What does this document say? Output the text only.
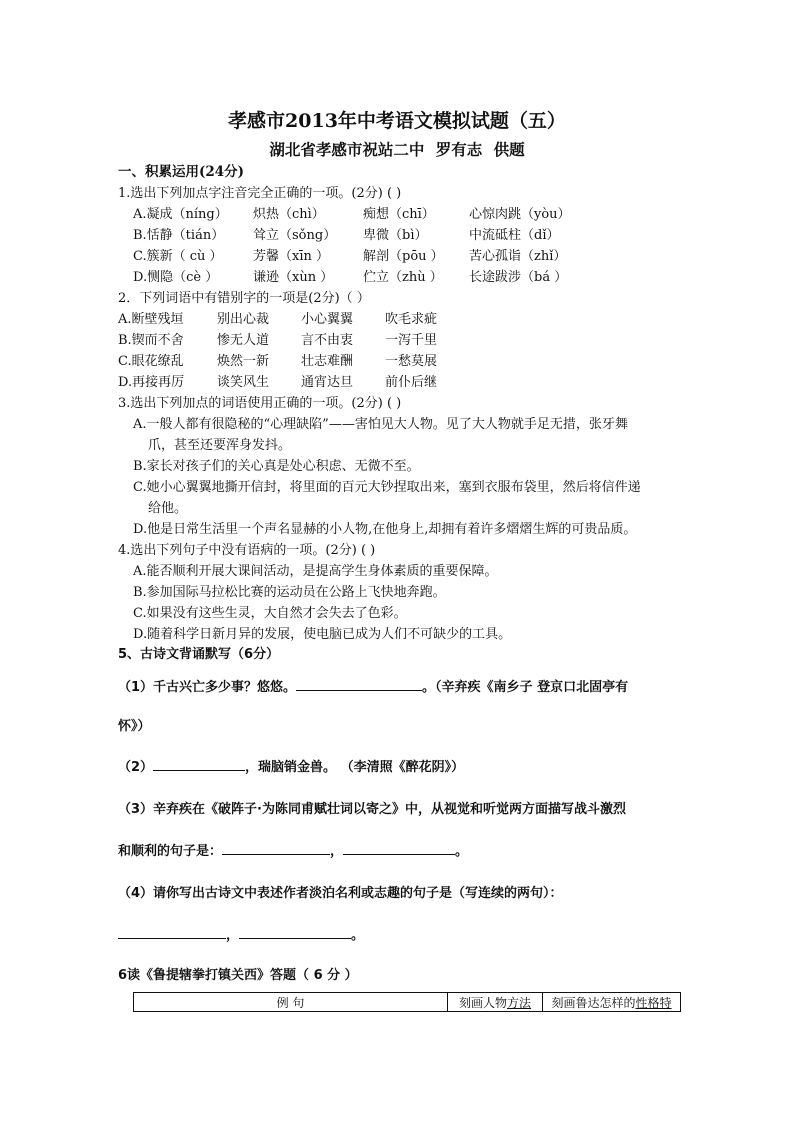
孝感市2013年中考语文模拟试题（五）
湖北省孝感市祝站二中 罗有志 供题
一、积累运用(24分)
1.选出下列加点字注音完全正确的一项。(2分) ( )
A.凝成（níng） 炽热（chì）	痴想（chī）	心惊肉跳（yòu）
B.恬静（tián） 耸立（sǒng） 卑微（bì）	中流砥柱（dǐ）
C.簇新（ cù ） 芳馨（xīn ）	解剖（pōu ） 苦心孤诣（zhǐ）
D.恻隐（cè ）	谦逊（xùn ） 伫立（zhù ） 长途跋涉（bá ）
2．下列词语中有错别字的一项是(2分)（ ）
A.断壁残垣	别出心裁 小心翼翼 吹毛求疵
B.锲而不舍	惨无人道 言不由衷 一泻千里
C.眼花缭乱	焕然一新 壮志难酬 一愁莫展
D.再接再厉	谈笑风生 通宵达旦 前仆后继
3.选出下列加点的词语使用正确的一项。(2分) ( )
A.一般人都有很隐秘的“心理缺陷”——害怕见大人物。见了大人物就手足无措，张牙舞
爪，甚至还要浑身发抖。
B.家长对孩子们的关心真是处心积虑、无微不至。
C.她小心翼翼地撕开信封，将里面的百元大钞捏取出来，塞到衣服布袋里，然后将信件递
给他。
D.他是日常生活里一个声名显赫的小人物,在他身上,却拥有着许多熠熠生辉的可贵品质。
4.选出下列句子中没有语病的一项。(2分) ( )
A.能否顺利开展大课间活动，是提高学生身体素质的重要保障。
B.参加国际马拉松比赛的运动员在公路上飞快地奔跑。
C.如果没有这些生灵，大自然才会失去了色彩。
D.随着科学日新月异的发展，使电脑已成为人们不可缺少的工具。
5、古诗文背诵默写（6分）
（1）千古兴亡多少事？悠悠。	。（辛弃疾《南乡子 登京口北固亭有
怀》）
（2）	，瑞脑销金兽。 （李清照《醉花阴》）
（3）辛弃疾在《破阵子·为陈同甫赋壮词以寄之》中，从视觉和听觉两方面描写战斗激烈
和顺利的句子是：	，	。
（4）请你写出古诗文中表述作者淡泊名利或志趣的句子是（写连续的两句）：
，	。
6读《鲁提辖拳打镇关西》答题（ 6 分 ）
例 句	刻画人物方法	刻画鲁达怎样的性格特
